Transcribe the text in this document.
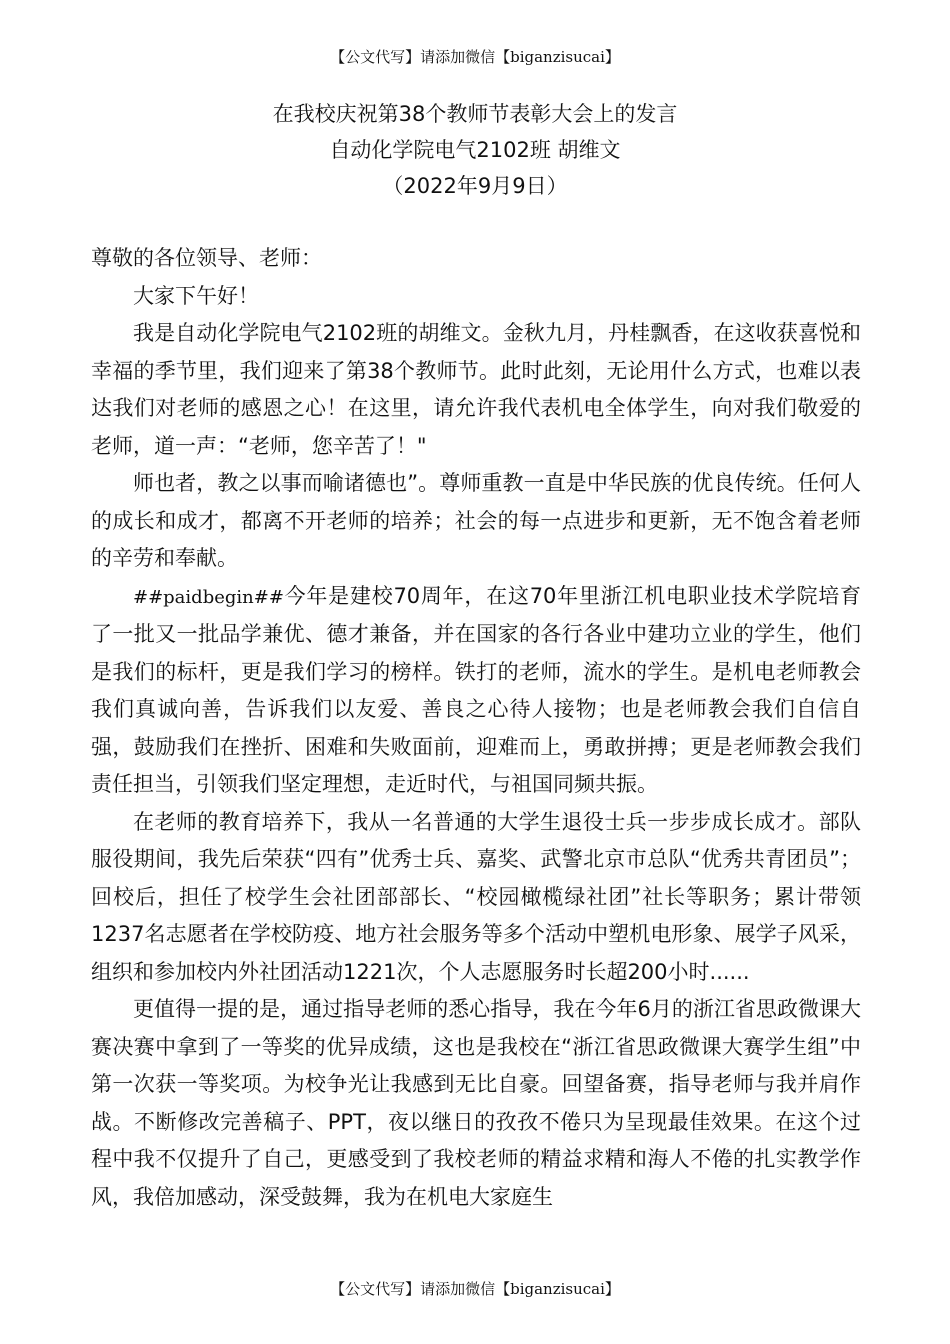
【公文代写】请添加微信【biganzisucai】
在我校庆祝第38个教师节表彰大会上的发言
自动化学院电气2102班 胡维文
（2022年9月9日）

尊敬的各位领导、老师：

大家下午好！

我是自动化学院电气2102班的胡维文。金秋九月，丹桂飘香，在这收获喜悦和幸福的季节里，我们迎来了第38个教师节。此时此刻，无论用什么方式，也难以表达我们对老师的感恩之心！在这里，请允许我代表机电全体学生，向对我们敬爱的老师，道一声：“老师，您辛苦了！"

师也者，教之以事而喻诸德也”。尊师重教一直是中华民族的优良传统。任何人的成长和成才，都离不开老师的培养；社会的每一点进步和更新，无不饱含着老师的辛劳和奉献。

##paidbegin##今年是建校70周年，在这70年里浙江机电职业技术学院培育了一批又一批品学兼优、德才兼备，并在国家的各行各业中建功立业的学生，他们是我们的标杆，更是我们学习的榜样。铁打的老师，流水的学生。是机电老师教会我们真诚向善，告诉我们以友爱、善良之心待人接物；也是老师教会我们自信自强，鼓励我们在挫折、困难和失败面前，迎难而上，勇敢拼搏；更是老师教会我们责任担当，引领我们坚定理想，走近时代，与祖国同频共振。

在老师的教育培养下，我从一名普通的大学生退役士兵一步步成长成才。部队服役期间，我先后荣获“四有”优秀士兵、嘉奖、武警北京市总队“优秀共青团员”；回校后，担任了校学生会社团部部长、“校园橄榄绿社团”社长等职务；累计带领1237名志愿者在学校防疫、地方社会服务等多个活动中塑机电形象、展学子风采，组织和参加校内外社团活动1221次，个人志愿服务时长超200小时......

更值得一提的是，通过指导老师的悉心指导，我在今年6月的浙江省思政微课大赛决赛中拿到了一等奖的优异成绩，这也是我校在“浙江省思政微课大赛学生组”中第一次获一等奖项。为校争光让我感到无比自豪。回望备赛，指导老师与我并肩作战。不断修改完善稿子、PPT，夜以继日的孜孜不倦只为呈现最佳效果。在这个过程中我不仅提升了自己，更感受到了我校老师的精益求精和海人不倦的扎实教学作风，我倍加感动，深受鼓舞，我为在机电大家庭生

【公文代写】请添加微信【biganzisucai】
